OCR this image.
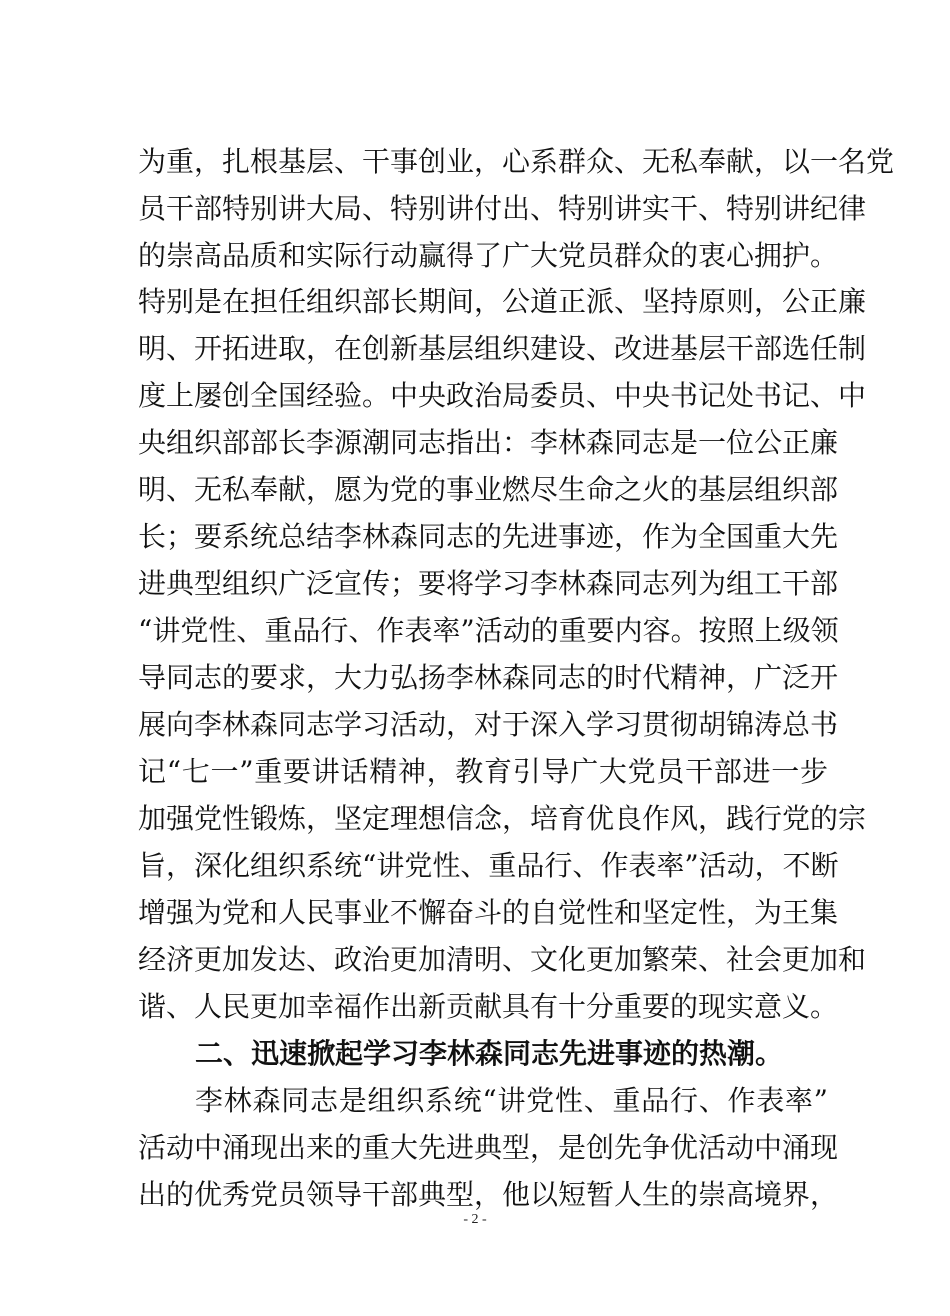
为重，扎根基层、干事创业，心系群众、无私奉献，以一名党
员干部特别讲大局、特别讲付出、特别讲实干、特别讲纪律
的崇高品质和实际行动赢得了广大党员群众的衷心拥护。
特别是在担任组织部长期间，公道正派、坚持原则，公正廉
明、开拓进取，在创新基层组织建设、改进基层干部选任制
度上屡创全国经验。中央政治局委员、中央书记处书记、中
央组织部部长李源潮同志指出：李林森同志是一位公正廉
明、无私奉献，愿为党的事业燃尽生命之火的基层组织部
长；要系统总结李林森同志的先进事迹，作为全国重大先
进典型组织广泛宣传；要将学习李林森同志列为组工干部
“讲党性、重品行、作表率”活动的重要内容。按照上级领
导同志的要求，大力弘扬李林森同志的时代精神，广泛开
展向李林森同志学习活动，对于深入学习贯彻胡锦涛总书
记“七一”重要讲话精神，教育引导广大党员干部进一步
加强党性锻炼，坚定理想信念，培育优良作风，践行党的宗
旨，深化组织系统“讲党性、重品行、作表率”活动，不断
增强为党和人民事业不懈奋斗的自觉性和坚定性，为王集
经济更加发达、政治更加清明、文化更加繁荣、社会更加和
谐、人民更加幸福作出新贡献具有十分重要的现实意义。
二、迅速掀起学习李林森同志先进事迹的热潮。
李林森同志是组织系统“讲党性、重品行、作表率”
活动中涌现出来的重大先进典型，是创先争优活动中涌现
出的优秀党员领导干部典型，他以短暂人生的崇高境界，
- 2 -
